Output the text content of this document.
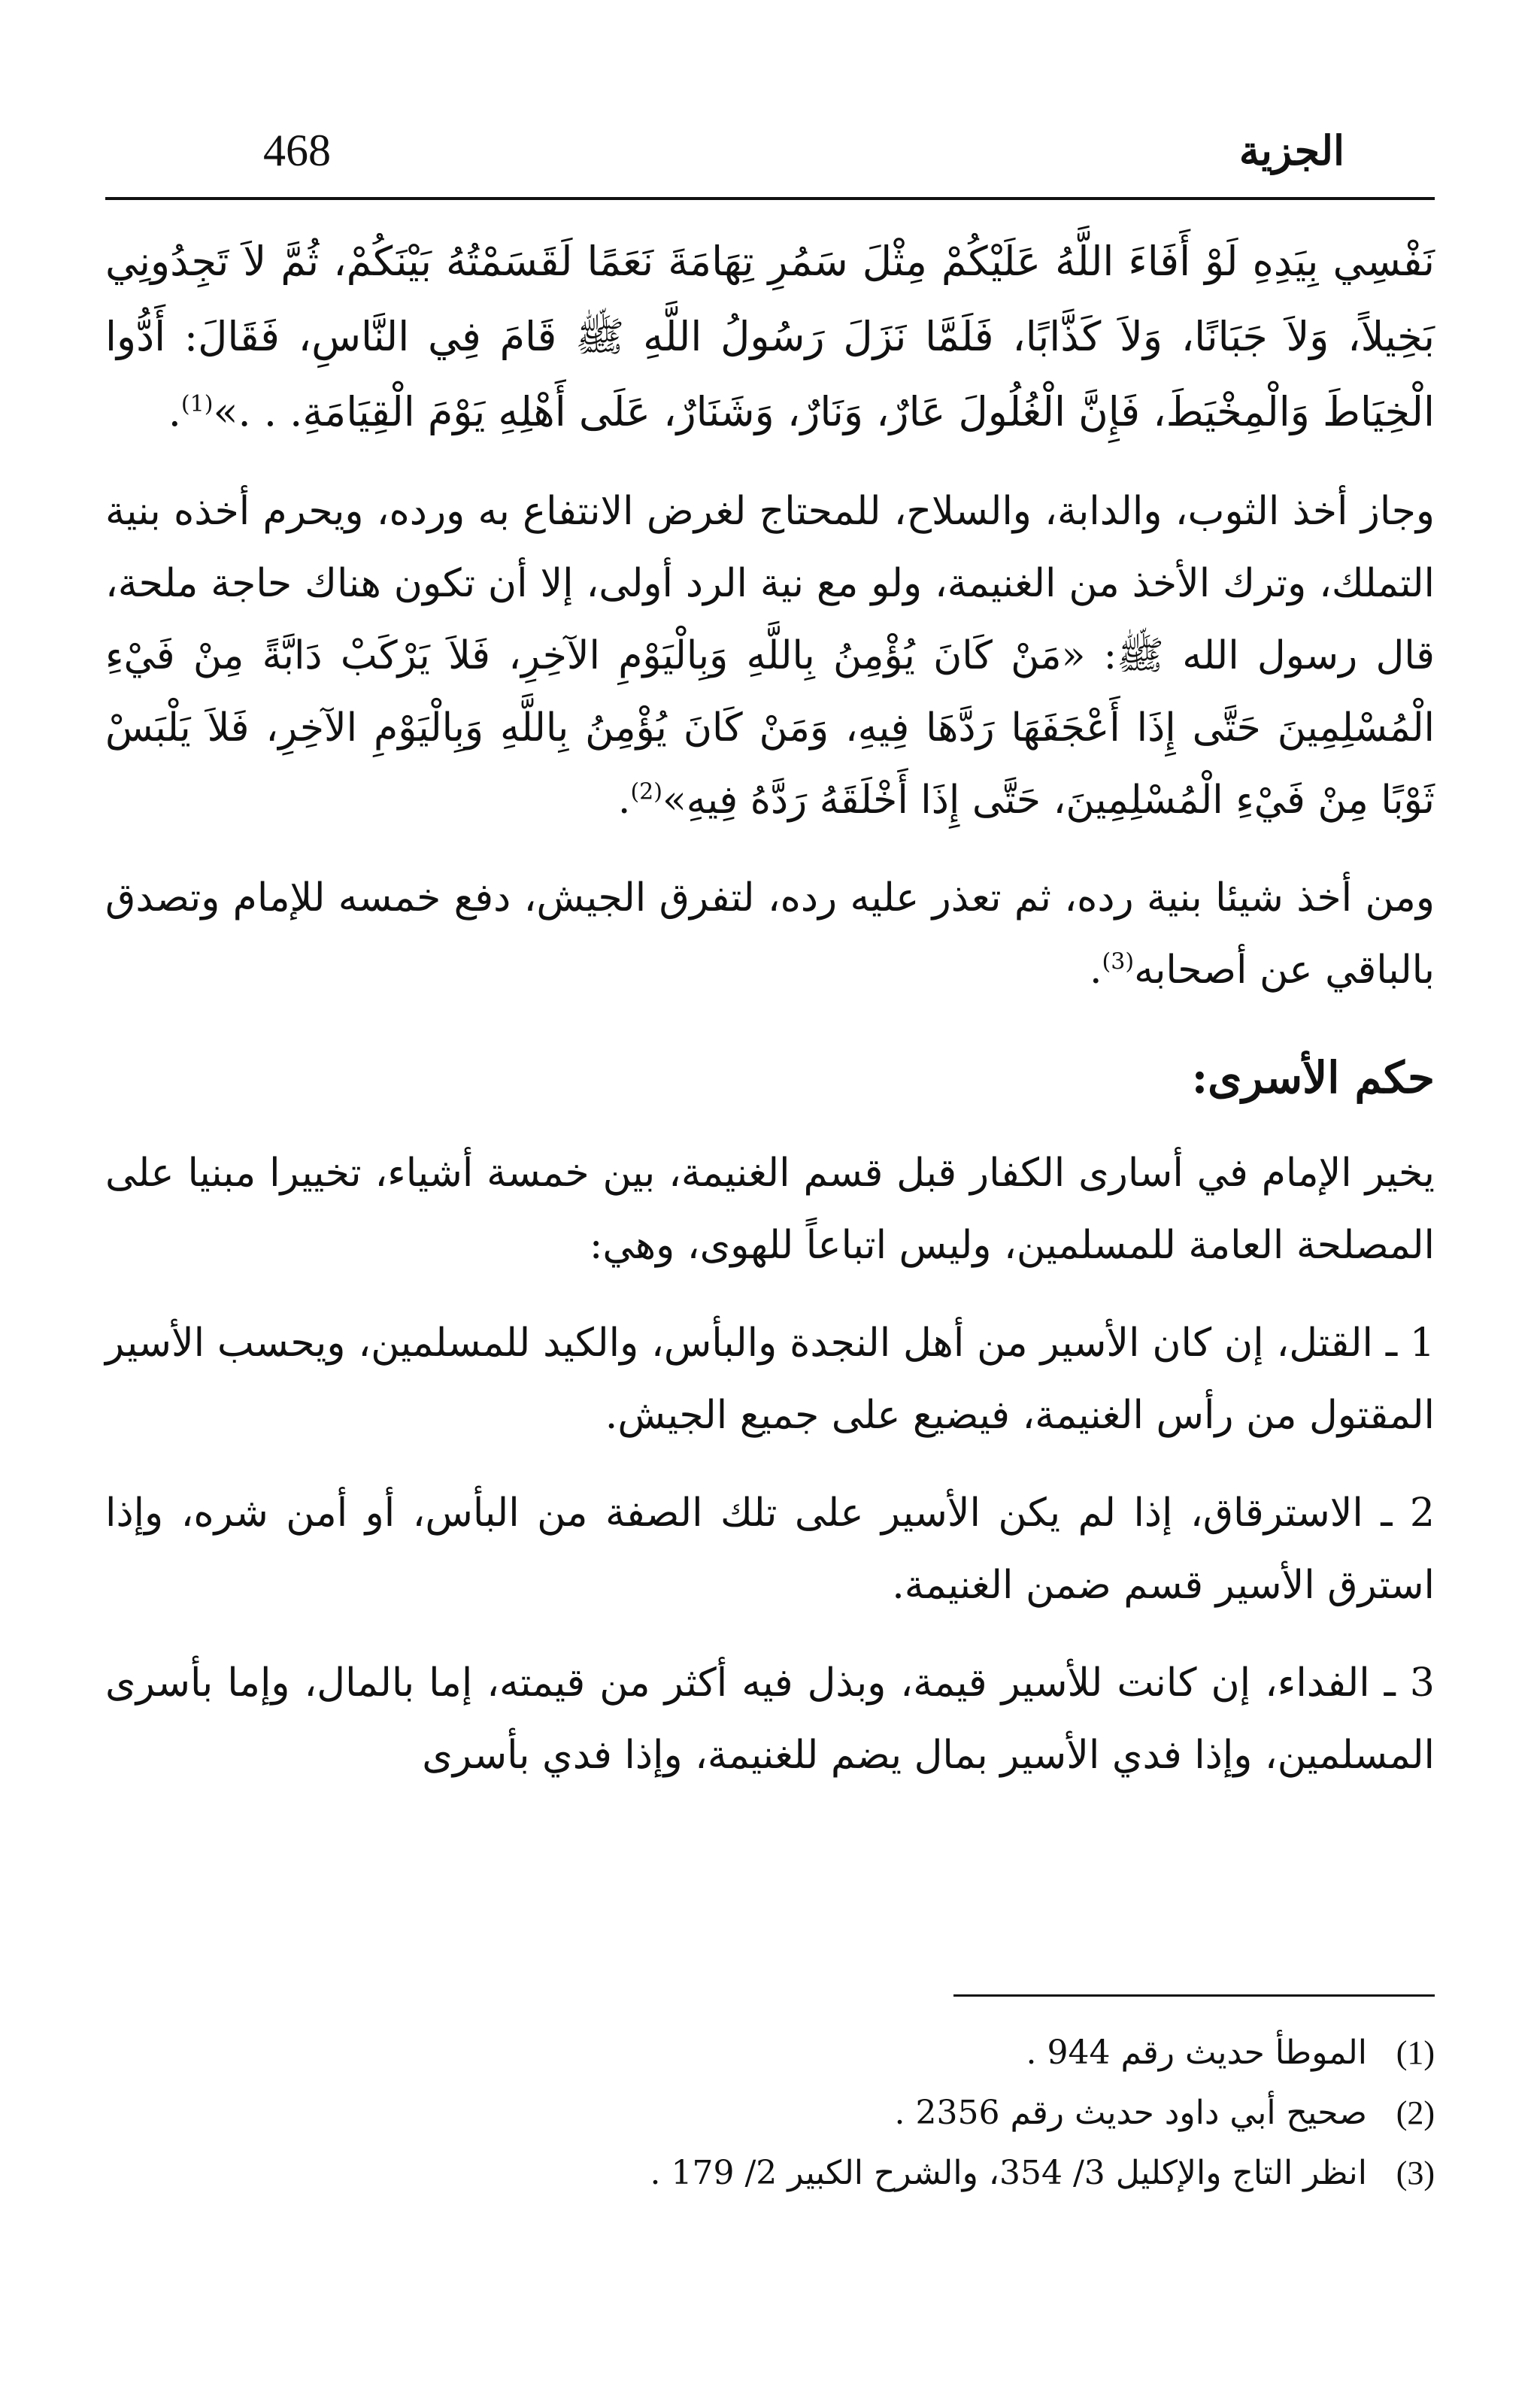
468	الجزية

نَفْسِي بِيَدِهِ لَوْ أَفَاءَ اللَّهُ عَلَيْكُمْ مِثْلَ سَمُرِ تِهَامَةَ نَعَمًا لَقَسَمْتُهُ بَيْنَكُمْ، ثُمَّ لاَ تَجِدُونِي بَخِيلاً، وَلاَ جَبَانًا، وَلاَ كَذَّابًا، فَلَمَّا نَزَلَ رَسُولُ اللَّهِ ﷺ قَامَ فِي النَّاسِ، فَقَالَ: أَدُّوا الْخِيَاطَ وَالْمِخْيَطَ، فَإِنَّ الْغُلُولَ عَارٌ، وَنَارٌ، وَشَنَارٌ، عَلَى أَهْلِهِ يَوْمَ الْقِيَامَةِ. . .»$^{(1)}$.

وجاز أخذ الثوب، والدابة، والسلاح، للمحتاج لغرض الانتفاع به ورده، ويحرم أخذه بنية التملك، وترك الأخذ من الغنيمة، ولو مع نية الرد أولى، إلا أن تكون هناك حاجة ملحة، قال رسول الله ﷺ: «مَنْ كَانَ يُؤْمِنُ بِاللَّهِ وَبِالْيَوْمِ الآخِرِ، فَلاَ يَرْكَبْ دَابَّةً مِنْ فَيْءِ الْمُسْلِمِينَ حَتَّى إِذَا أَعْجَفَهَا رَدَّهَا فِيهِ، وَمَنْ كَانَ يُؤْمِنُ بِاللَّهِ وَبِالْيَوْمِ الآخِرِ، فَلاَ يَلْبَسْ ثَوْبًا مِنْ فَيْءِ الْمُسْلِمِينَ، حَتَّى إِذَا أَخْلَقَهُ رَدَّهُ فِيهِ»$^{(2)}$.

ومن أخذ شيئا بنية رده، ثم تعذر عليه رده، لتفرق الجيش، دفع خمسه للإمام وتصدق بالباقي عن أصحابه$^{(3)}$.

حكم الأسرى:

يخير الإمام في أسارى الكفار قبل قسم الغنيمة، بين خمسة أشياء، تخييرا مبنيا على المصلحة العامة للمسلمين، وليس اتباعاً للهوى، وهي:

1 ـ القتل، إن كان الأسير من أهل النجدة والبأس، والكيد للمسلمين، ويحسب الأسير المقتول من رأس الغنيمة، فيضيع على جميع الجيش.

2 ـ الاسترقاق، إذا لم يكن الأسير على تلك الصفة من البأس، أو أمن شره، وإذا استرق الأسير قسم ضمن الغنيمة.

3 ـ الفداء، إن كانت للأسير قيمة، وبذل فيه أكثر من قيمته، إما بالمال، وإما بأسرى المسلمين، وإذا فدي الأسير بمال يضم للغنيمة، وإذا فدي بأسرى

(1)
الموطأ حديث رقم 944 .
(2)
صحيح أبي داود حديث رقم 2356 .
(3)
انظر التاج والإكليل 3/ 354، والشرح الكبير 2/ 179 .
